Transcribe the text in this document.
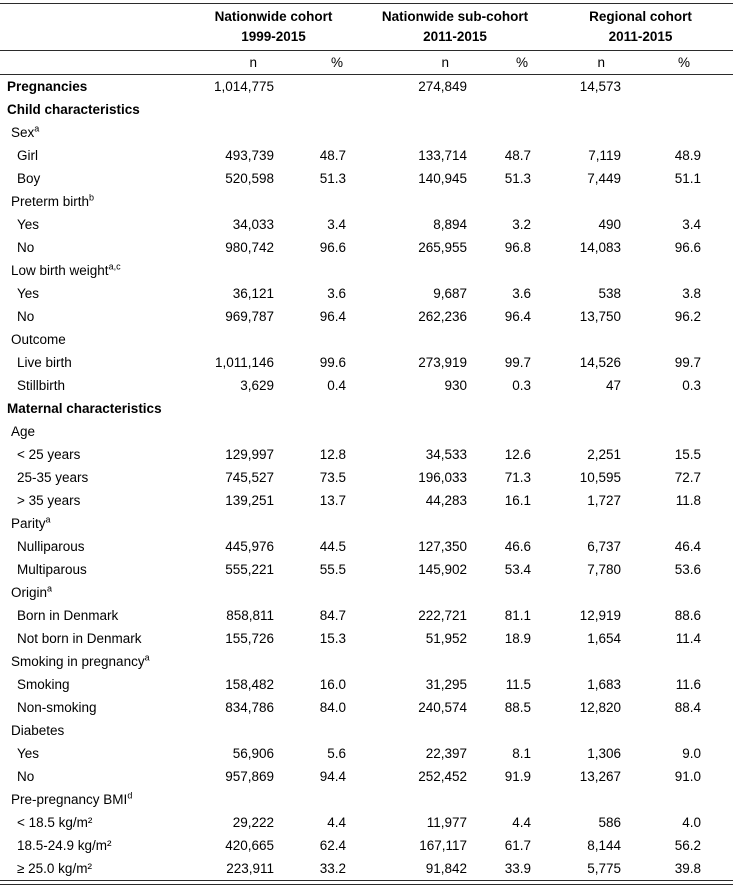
Nationwide cohort
1999-2015

Nationwide sub-cohort
2011-2015

Regional cohort
2011-2015

	n	%	n	%	n	%
Pregnancies	1,014,775		274,849		14,573	
Child characteristics						
Sex$^a$						
Girl	493,739	48.7	133,714	48.7	7,119	48.9
Boy	520,598	51.3	140,945	51.3	7,449	51.1
Preterm birth$^b$						
Yes	34,033	3.4	8,894	3.2	490	3.4
No	980,742	96.6	265,955	96.8	14,083	96.6
Low birth weight$^{a,c}$						
Yes	36,121	3.6	9,687	3.6	538	3.8
No	969,787	96.4	262,236	96.4	13,750	96.2
Outcome						
Live birth	1,011,146	99.6	273,919	99.7	14,526	99.7
Stillbirth	3,629	0.4	930	0.3	47	0.3
Maternal characteristics						
Age						
< 25 years	129,997	12.8	34,533	12.6	2,251	15.5
25-35 years	745,527	73.5	196,033	71.3	10,595	72.7
> 35 years	139,251	13.7	44,283	16.1	1,727	11.8
Parity$^a$						
Nulliparous	445,976	44.5	127,350	46.6	6,737	46.4
Multiparous	555,221	55.5	145,902	53.4	7,780	53.6
Origin$^a$						
Born in Denmark	858,811	84.7	222,721	81.1	12,919	88.6
Not born in Denmark	155,726	15.3	51,952	18.9	1,654	11.4
Smoking in pregnancy$^a$						
Smoking	158,482	16.0	31,295	11.5	1,683	11.6
Non-smoking	834,786	84.0	240,574	88.5	12,820	88.4
Diabetes						
Yes	56,906	5.6	22,397	8.1	1,306	9.0
No	957,869	94.4	252,452	91.9	13,267	91.0
Pre-pregnancy BMI$^d$						
< 18.5 kg/m²	29,222	4.4	11,977	4.4	586	4.0
18.5-24.9 kg/m²	420,665	62.4	167,117	61.7	8,144	56.2
≥ 25.0 kg/m²	223,911	33.2	91,842	33.9	5,775	39.8
